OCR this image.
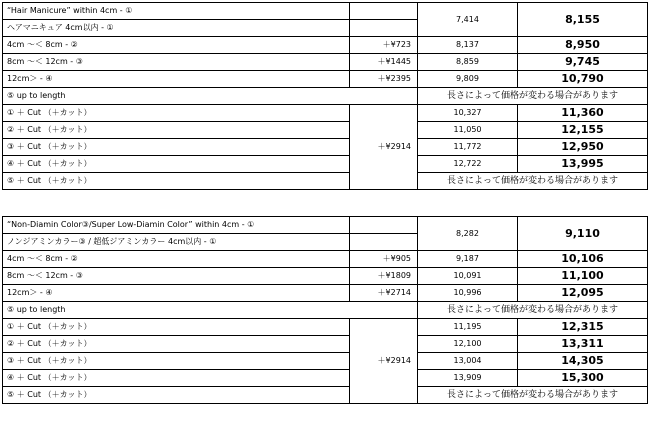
“Hair Manicure” within 4cm - ①		7,414	8,155
ヘアマニキュア 4cm以内 - ①			
4cm ～＜ 8cm - ②	＋¥723	8,137	8,950
8cm ～＜ 12cm - ③	＋¥1445	8,859	9,745
12cm＞ - ④	＋¥2395	9,809	10,790
⑤ up to length		長さによって価格が変わる場合があります	
① ＋ Cut （＋カット）	＋¥2914	10,327	11,360
② ＋ Cut （＋カット）		11,050	12,155
③ ＋ Cut （＋カット）		11,772	12,950
④ ＋ Cut （＋カット）		12,722	13,995
⑤ ＋ Cut （＋カット）		長さによって価格が変わる場合があります	
“Non-Diamin Color③/Super Low-Diamin Color” within 4cm - ①		8,282	9,110
ノンジアミンカラー③ / 超低ジアミンカラー 4cm以内 - ①			
4cm ～＜ 8cm - ②	＋¥905	9,187	10,106
8cm ～＜ 12cm - ③	＋¥1809	10,091	11,100
12cm＞ - ④	＋¥2714	10,996	12,095
⑤ up to length		長さによって価格が変わる場合があります	
① ＋ Cut （＋カット）	＋¥2914	11,195	12,315
② ＋ Cut （＋カット）		12,100	13,311
③ ＋ Cut （＋カット）		13,004	14,305
④ ＋ Cut （＋カット）		13,909	15,300
⑤ ＋ Cut （＋カット）		長さによって価格が変わる場合があります	
